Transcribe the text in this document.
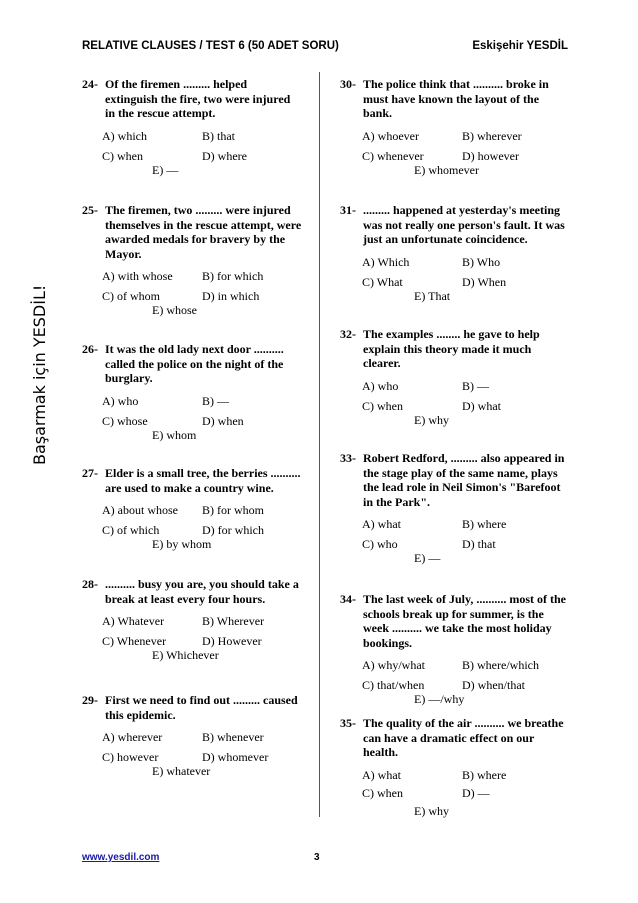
RELATIVE CLAUSES / TEST 6 (50 ADET SORU)	Eskişehir YESDİL
Başarmak için YESDİL!
24- Of the firemen ......... helped extinguish the fire, two were injured in the rescue attempt.
A) which	B) that
C) when	D) where
E) —
25- The firemen, two ......... were injured themselves in the rescue attempt, were awarded medals for bravery by the Mayor.
A) with whose	B) for which
C) of whom	D) in which
E) whose
26- It was the old lady next door .......... called the police on the night of the burglary.
A) who	B) —
C) whose	D) when
E) whom
27- Elder is a small tree, the berries .......... are used to make a country wine.
A) about whose	B) for whom
C) of which	D) for which
E) by whom
28- .......... busy you are, you should take a break at least every four hours.
A) Whatever	B) Wherever
C) Whenever	D) However
E) Whichever
29- First we need to find out ......... caused this epidemic.
A) wherever	B) whenever
C) however	D) whomever
E) whatever
30- The police think that .......... broke in must have known the layout of the bank.
A) whoever	B) wherever
C) whenever	D) however
E) whomever
31- ......... happened at yesterday's meeting was not really one person's fault. It was just an unfortunate coincidence.
A) Which	B) Who
C) What	D) When
E) That
32- The examples ........ he gave to help explain this theory made it much clearer.
A) who	B) —
C) when	D) what
E) why
33- Robert Redford, ......... also appeared in the stage play of the same name, plays the lead role in Neil Simon's "Barefoot in the Park".
A) what	B) where
C) who	D) that
E) —
34- The last week of July, .......... most of the schools break up for summer, is the week .......... we take the most holiday bookings.
A) why/what	B) where/which
C) that/when	D) when/that
E) —/why
35- The quality of the air .......... we breathe can have a dramatic effect on our health.
A) what	B) where
C) when	D) —
E) why
www.yesdil.com	3
